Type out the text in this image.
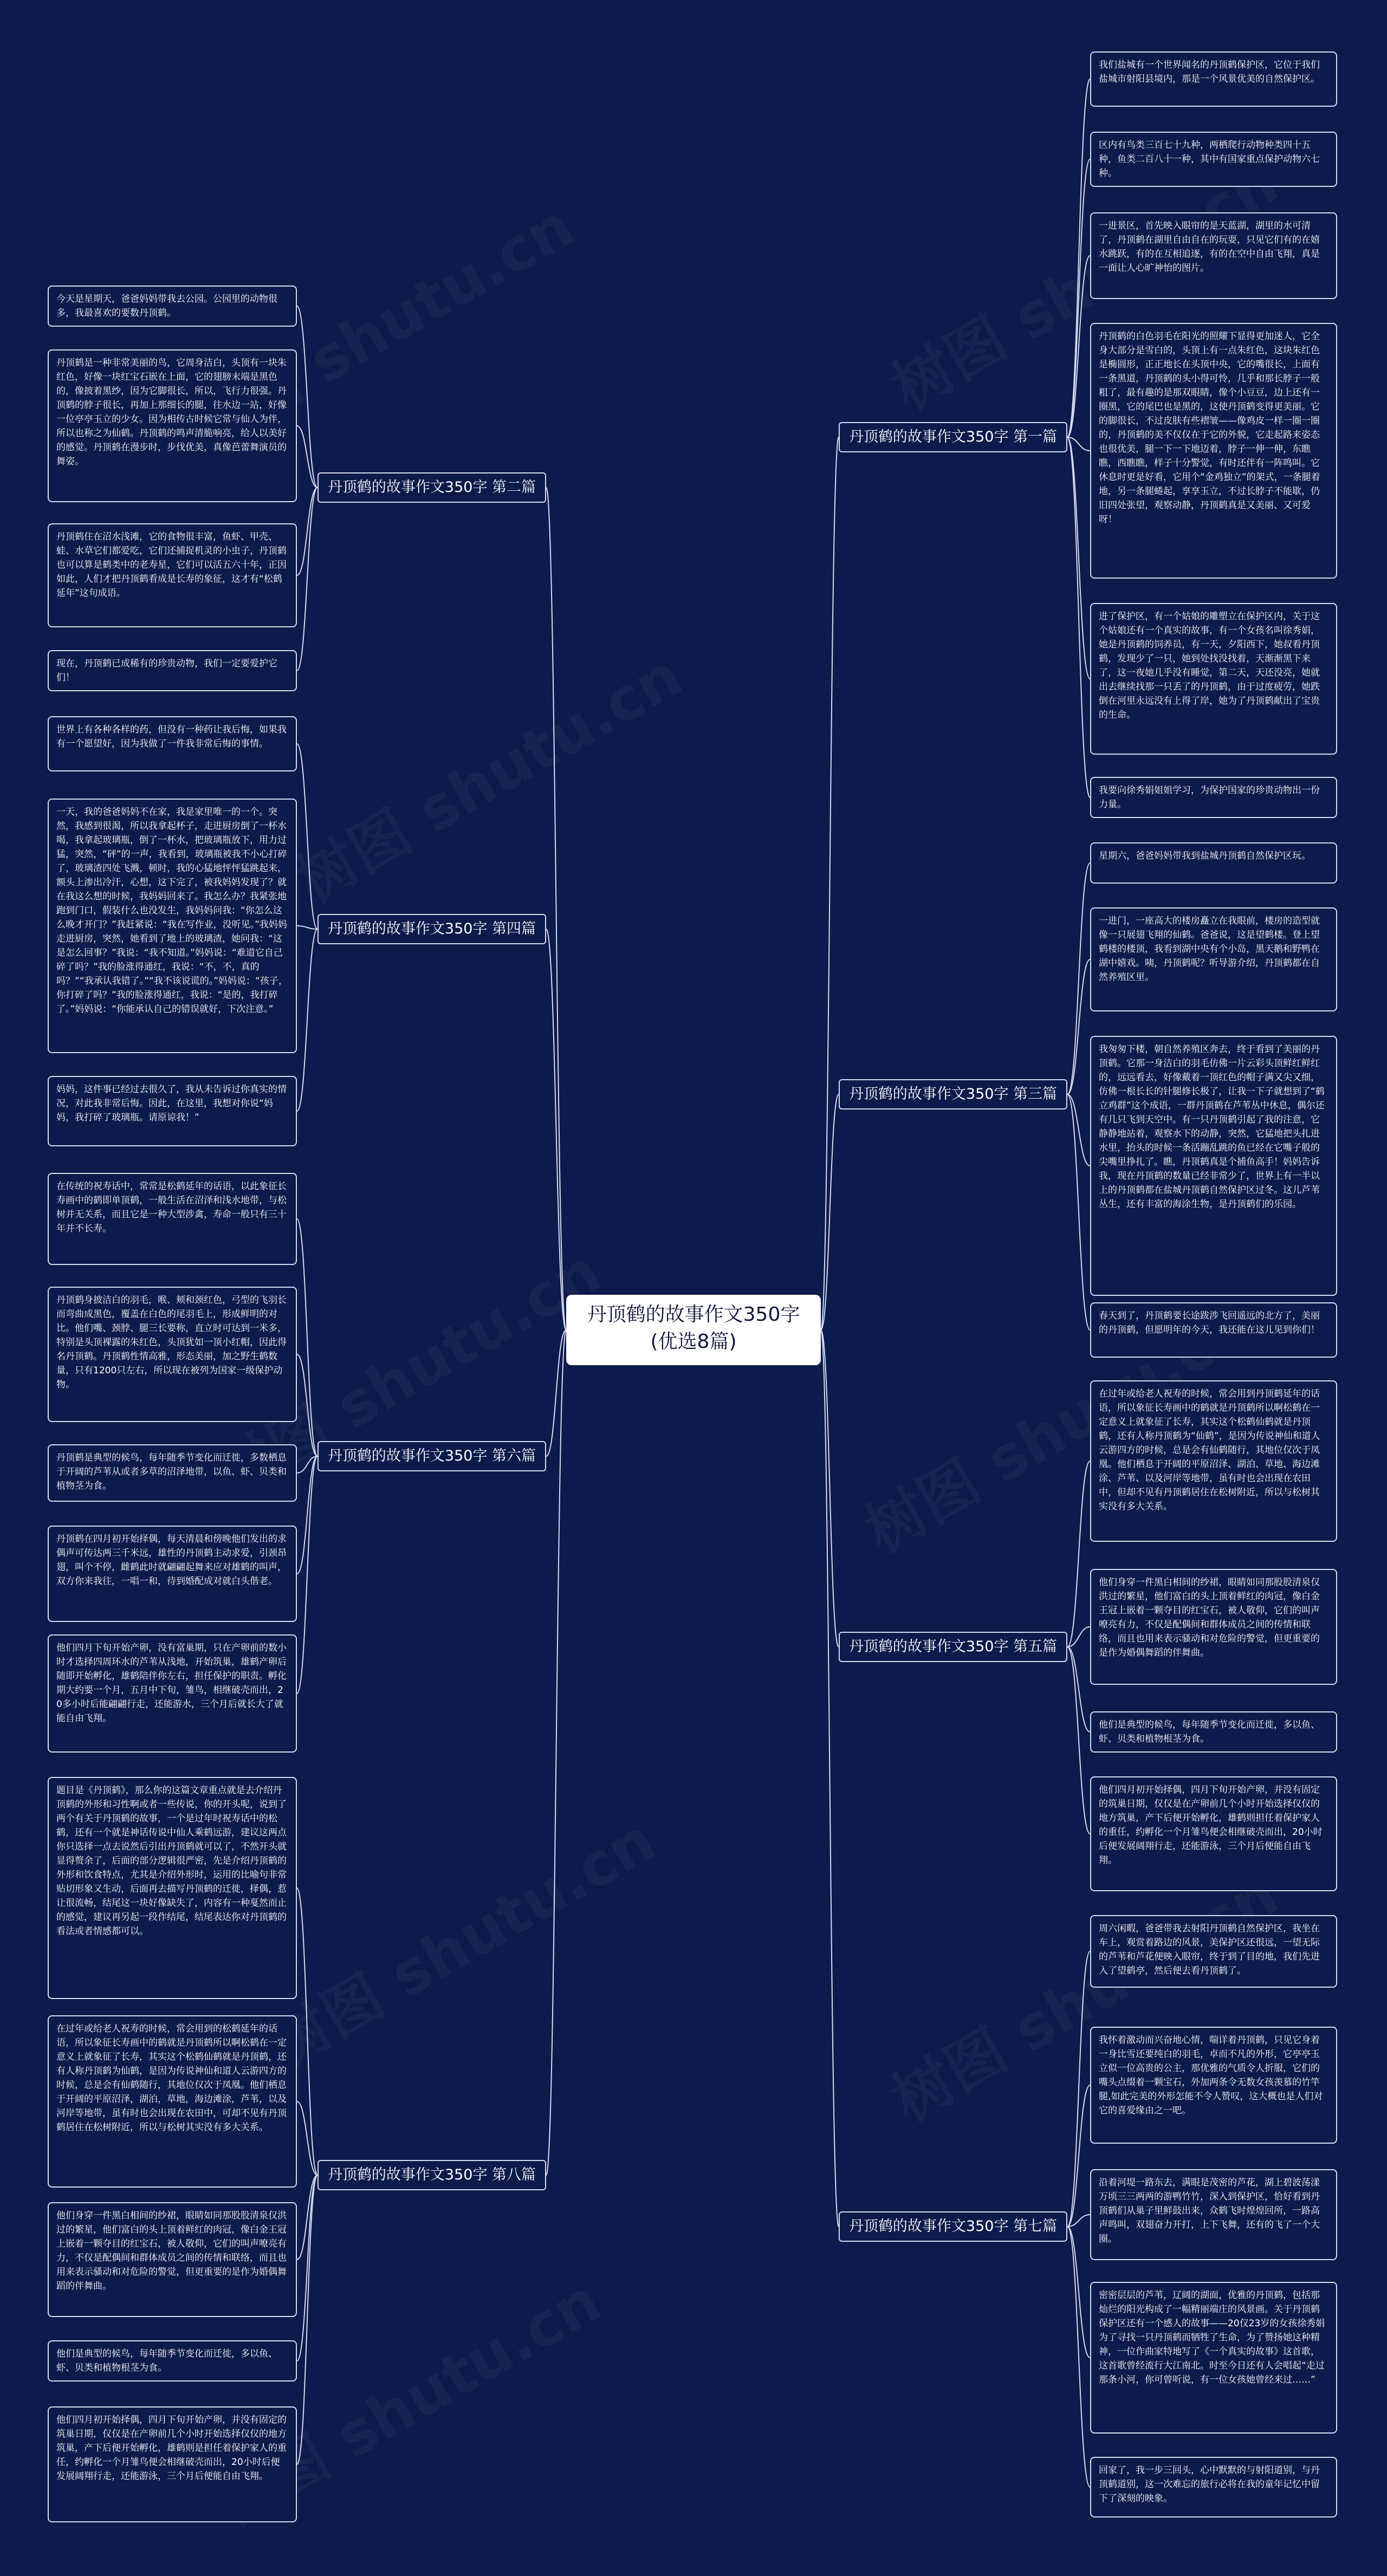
丹顶鹤的故事作文350字(优选8篇)
丹顶鹤的故事作文350字 第一篇
丹顶鹤的故事作文350字 第三篇
丹顶鹤的故事作文350字 第五篇
丹顶鹤的故事作文350字 第七篇
丹顶鹤的故事作文350字 第二篇
丹顶鹤的故事作文350字 第四篇
丹顶鹤的故事作文350字 第六篇
丹顶鹤的故事作文350字 第八篇
我们盐城有一个世界闻名的丹顶鹤保护区，它位于我们盐城市射阳县境内，那是一个风景优美的自然保护区。
区内有鸟类三百七十九种，两栖爬行动物种类四十五种，鱼类二百八十一种，其中有国家重点保护动物六七种。
一进景区，首先映入眼帘的是天蓝湖，湖里的水可清了，丹顶鹤在湖里自由自在的玩耍，只见它们有的在嬉水跳跃，有的在互相追逐，有的在空中自由飞翔，真是一面让人心旷神怡的图片。
丹顶鹤的白色羽毛在阳光的照耀下显得更加迷人，它全身大部分是雪白的，头顶上有一点朱红色，这块朱红色是椭圆形，正正地长在头顶中央，它的嘴很长，上面有一条黑道，丹顶鹤的头小得可怜，几乎和那长脖子一般粗了，最有趣的是那双眼睛，像个小豆豆，边上还有一圈黑，它的尾巴也是黑的，这使丹顶鹤变得更美丽。它的脚很长，不过皮肤有些褶皱——像鸡皮一样一圈一圈的，丹顶鹤的美不仅仅在于它的外貌，它走起路来姿态也很优美，腿一下一下地迈着，脖子一伸一伸，东瞧瞧，西瞧瞧，样子十分警觉，有时还伴有一阵鸣叫。它休息时更是好看，它用个“金鸡独立”的架式，一条腿着地，另一条腿蜷起，享享玉立，不过长脖子不能歇，仍旧四处张望，观察动静，丹顶鹤真是又美丽、又可爱呀！
进了保护区，有一个姑娘的雕塑立在保护区内，关于这个姑娘还有一个真实的故事，有一个女孩名叫徐秀娟，她是丹顶鹤的饲养员，有一天，夕阳西下，她叔看丹顶鹤，发现少了一只，她到处找没找着，天渐渐黑下来了，这一夜她几乎没有睡觉，第二天，天还没亮，她就出去继续找那一只丢了的丹顶鹤，由于过度疲劳，她跌倒在河里永远没有上得了岸，她为了丹顶鹤献出了宝贵的生命。
我要向徐秀娟姐姐学习，为保护国家的珍贵动物出一份力量。
星期六，爸爸妈妈带我到盐城丹顶鹤自然保护区玩。
一进门，一座高大的楼房矗立在我眼前，楼房的造型就像一只展翅飞翔的仙鹤。爸爸说，这是望鹤楼。登上望鹤楼的楼顶，我看到湖中央有个小岛，黑天鹅和野鸭在湖中嬉戏。咦，丹顶鹤呢？听导游介绍，丹顶鹤都在自然养殖区里。
我匆匆下楼，朝自然养殖区奔去，终于看到了美丽的丹顶鹤。它那一身洁白的羽毛仿佛一片云彩头顶鲜红鲜红的，远远看去，好像戴着一顶红色的帽子满又尖又细，仿佛一根长长的针腿修长极了，让我一下子就想到了“鹤立鸡群”这个成语，一群丹顶鹤在芦苇丛中休息，偶尔还有几只飞到天空中。有一只丹顶鹤引起了我的注意，它静静地站着，观察水下的动静，突然，它猛地把头扎进水里，抬头的时候一条活蹦乱跳的鱼已经在它嘴子般的尖嘴里挣扎了。瞧，丹顶鹤真是个捕鱼高手！妈妈告诉我，现在丹顶鹤的数量已经非常少了，世界上有一半以上的丹顶鹤都在盐城丹顶鹤自然保护区过冬。这儿芦苇丛生，还有丰富的海涂生物，是丹顶鹤们的乐园。
春天到了，丹顶鹤要长途跋涉飞回遥远的北方了，美丽的丹顶鹤，但愿明年的今天，我还能在这儿见到你们！
在过年或给老人祝寿的时候，常会用到丹顶鹤延年的话语，所以象征长寿画中的鹤就是丹顶鹤所以啊松鹤在一定意义上就象征了长寿，其实这个松鹤仙鹤就是丹顶鹤，还有人称丹顶鹤为“仙鹤”，是因为传说神仙和道人云游四方的时候，总是会有仙鹤随行，其地位仅次于凤凰。他们栖息于开阔的平原沼泽、湖泊、草地、海边滩涂、芦苇、以及河岸等地带，虽有时也会出现在农田中，但却不见有丹顶鹤居住在松树附近，所以与松树其实没有多大关系。
他们身穿一件黑白相间的纱裙，眼睛如同那股股清泉仅洪过的繁星，他们富白的头上顶着鲜红的肉冠，像白金王冠上嵌着一颗夺目的红宝石，被人敬仰，它们的叫声嘹亮有力，不仅是配偶间和群体成员之间的传情和联络，而且也用来表示骚动和对危险的警觉，但更重要的是作为婚偶舞蹈的伴舞曲。
他们是典型的候鸟，每年随季节变化而迁徙，多以鱼、虾、贝类和植物根茎为食。
他们四月初开始择偶，四月下旬开始产卵，并没有固定的筑巢日期，仅仅是在产卵前几个小时开始选择仅仅的地方筑巢，产下后便开始孵化，雄鹤则担任着保护家人的重任，约孵化一个月雏鸟便会相继破壳而出，20小时后便发展阔翔行走，还能游泳，三个月后便能自由飞翔。
周六闲暇，爸爸带我去射阳丹顶鹤自然保护区，我坐在车上，观赏着路边的风景，美保护区还很远，一望无际的芦苇和芦花便映入眼帘，终于到了目的地，我们先进入了望鹤亭，然后便去看丹顶鹤了。
我怀着激动而兴奋地心情，喘详着丹顶鹤，只见它身着一身比雪还要纯白的羽毛，卓而不凡的外形，它亭亭玉立似一位高贵的公主，那优雅的气质令人折服，它们的嘴头点缀着一颗宝石，外加两条令无数女孩羡慕的竹竿腿,如此完美的外形怎能不令人赞叹，这大概也是人们对它的喜爱缘由之一吧。
沿着河堤一路东去，满眼是茂密的芦花，湖上碧波荡漾万顷三三两两的游鸭竹竹，深入到保护区，恰好看到丹顶鹤们从巢子里鲜鼓出来，众鹤飞时煌煌回所，一路高声鸣叫，双翅奋力开打，上下飞舞，还有的飞了一个大圈。
密密层层的芦苇，辽阔的湖面，优雅的丹顶鹤，包括那灿烂的阳光构成了一幅精丽端庄的风景画。关于丹顶鹤保护区还有一个感人的故事——20仅23岁的女孩徐秀娟为了寻找一只丹顶鹤而牺牲了生命，为了赞扬她这种精神，一位作曲家特地写了《一个真实的故事》这首歌，这首歌曾经流行大江南北。时至今日还有人会唱起“走过那条小河，你可曾听说，有一位女孩她曾经来过……”
回家了，我一步三回头，心中默默的与射阳道别，与丹顶鹤道别，这一次难忘的旅行必将在我的童年记忆中留下了深刻的映象。
今天是星期天，爸爸妈妈带我去公园。公园里的动物很多，我最喜欢的要数丹顶鹤。
丹顶鹤是一种非常美丽的鸟，它周身洁白，头顶有一块朱红色，好像一块红宝石嵌在上面，它的翅膀末端是黑色的，像披着黑纱，因为它脚很长，所以，飞行力很强。丹顶鹤的脖子很长，再加上那细长的腿，往水边一站，好像一位亭亭玉立的少女。因为相传古时候它常与仙人为伴，所以也称之为仙鹤。丹顶鹤的鸣声清脆响亮，给人以美好的感觉。丹顶鹤在漫步时，步伐优美，真像芭蕾舞演员的舞姿。
丹顶鹤住在沼水浅滩，它的食物很丰富，鱼虾、甲壳、蛙、水草它们都爱吃，它们还捕捉机灵的小虫子，丹顶鹤也可以算是鹤类中的老寿星，它们可以活五六十年，正因如此，人们才把丹顶鹤看成是长寿的象征，这才有“松鹤延年”这句成语。
现在，丹顶鹤已成稀有的珍贵动物，我们一定要爱护它们！
世界上有各种各样的药，但没有一种药让我后悔，如果我有一个愿望好，因为我做了一件我非常后悔的事情。
一天，我的爸爸妈妈不在家，我是家里唯一的一个。突然，我感到很渴，所以我拿起杯子，走进厨房倒了一杯水喝，我拿起玻璃瓶，倒了一杯水，把玻璃瓶放下，用力过猛，突然，“砰”的一声，我看到，玻璃瓶被我不小心打碎了，玻璃渣四处飞溅，顿时，我的心猛地怦怦猛跳起来，额头上渗出冷汗，心想，这下完了，被我妈妈发现了？就在我这么想的时候，我妈妈回来了。我怎么办？我紧张地跑到门口，假装什么也没发生，我妈妈问我：“你怎么这么晚才开门？”我赶紧说：“我在写作业，没听见。”我妈妈走进厨房，突然，她看到了地上的玻璃渣，她问我：“这是怎么回事？”我说：“我不知道。”妈妈说：“难道它自己碎了吗？”我的脸涨得通红，我说：“不，不，真的吗？”“我承认我错了。”“我不该说谎的。”妈妈说：“孩子，你打碎了吗？”我的脸涨得通红，我说：“是的，我打碎了。”妈妈说：“你能承认自己的错误就好，下次注意。”
妈妈，这件事已经过去很久了，我从未告诉过你真实的情况，对此我非常后悔。因此，在这里，我想对你说“妈妈，我打碎了玻璃瓶。请原谅我！”
在传统的祝寿话中，常常是松鹤延年的话语，以此象征长寿画中的鹤即单顶鹤，一般生活在沼泽和浅水地带，与松树并无关系，而且它是一种大型涉禽，寿命一般只有三十年并不长寿。
丹顶鹤身披洁白的羽毛，喉、颊和颈红色，弓型的飞羽长而弯曲成黑色，覆盖在白色的尾羽毛上，形成鲜明的对比。他们嘴、颈脖、腿三长要称，直立时可达到一米多，特别是头顶裸露的朱红色，头顶犹如一顶小红帽，因此得名丹顶鹤。丹顶鹤性情高雅，形态美丽，加之野生鹤数量，只有1200只左右，所以现在被列为国家一级保护动物。
丹顶鹤是典型的候鸟，每年随季节变化而迁徙，多数栖息于开阔的芦苇从或者多草的沼泽地带，以鱼、虾、贝类和植物茎为食。
丹顶鹤在四月初开始择偶，每天清晨和傍晚他们发出的求偶声可传达两三千米远，雄性的丹顶鹤主动求爱，引颈昂翅，叫个不停，雌鹤此时就翩翩起舞来应对雄鹤的叫声，双方你来我往，一唱一和，待到婚配成对就白头偕老。
他们四月下旬开始产卵，没有富巢期，只在产卵前的数小时才选择四周环水的芦苇从浅地，开始筑巢，雄鹤产卵后随即开始孵化，雄鹤陪伴你左右，担任保护的职责。孵化期大约要一个月，五月中下旬，雏鸟，相继破壳而出，20多小时后能翩翩行走，还能游水，三个月后就长大了就能自由飞翔。
题目是《丹顶鹤》，那么你的这篇文章重点就是去介绍丹顶鹤的外形和习性啊或者一些传说，你的开头呢，说到了两个有关于丹顶鹤的故事，一个是过年时祝寿话中的松鹤，还有一个就是神话传说中仙人乘鹤远游，建议这两点你只选择一点去说然后引出丹顶鹤就可以了，不然开头就显得赘余了，后面的部分逻辑很严密，先是介绍丹顶鹤的外形和饮食特点，尤其是介绍外形时，运用的比喻句非常贴切形象又生动，后面再去描写丹顶鹤的迁徙，择偶，惹让很流畅，结尾这一块好像缺失了，内容有一种戛然而止的感觉，建议再另起一段作结尾，结尾表达你对丹顶鹤的看法或者情感都可以。
在过年或给老人祝寿的时候，常会用到的松鹤延年的话语，所以象征长寿画中的鹤就是丹顶鹤所以啊松鹤在一定意义上就象征了长寿，其实这个松鹤仙鹤就是丹顶鹤，还有人称丹顶鹤为仙鹤，是因为传说神仙和道人云游四方的时候，总是会有仙鹤随行，其地位仅次于凤凰。他们栖息于开阔的平原沼泽，湖泊，草地，海边滩涂，芦苇，以及河岸等地带，虽有时也会出现在农田中，可却不见有丹顶鹤居住在松树附近，所以与松树其实没有多大关系。
他们身穿一件黑白相间的纱裙，眼睛如同那股股清泉仅洪过的繁星，他们富白的头上顶着鲜红的肉冠，像白金王冠上嵌着一颗夺目的红宝石，被人敬仰，它们的叫声嘹亮有力，不仅是配偶间和群体成员之间的传情和联络，而且也用来表示骚动和对危险的警觉，但更重要的是作为婚偶舞蹈的伴舞曲。
他们是典型的候鸟，每年随季节变化而迁徙，多以鱼、虾、贝类和植物根茎为食。
他们四月初开始择偶，四月下旬开始产卵，并没有固定的筑巢日期，仅仅是在产卵前几个小时开始选择仅仅的地方筑巢，产下后便开始孵化，雄鹤则是担任着保护家人的重任，约孵化一个月雏鸟便会相继破壳而出，20小时后便发展阔翔行走，还能游泳，三个月后便能自由飞翔。
